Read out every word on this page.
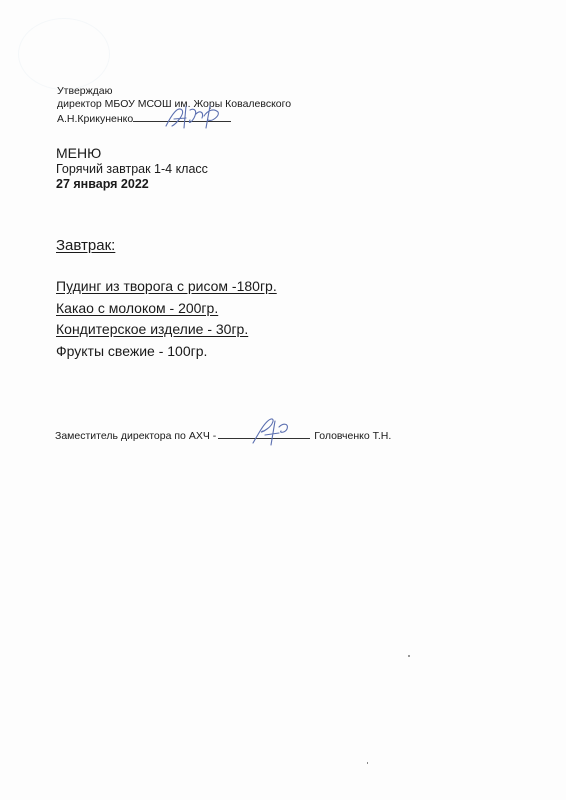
Утверждаю
директор МБОУ МСОШ им. Жоры Ковалевского
А.Н.Крикуненко
МЕНЮ
Горячий завтрак 1-4 класс
27 января 2022
Завтрак:
Пудинг из творога с рисом -180гр.
Какао с молоком - 200гр.
Кондитерское изделие - 30гр.
Фрукты свежие - 100гр.
Заместитель директора по АХЧ -	Головченко Т.Н.
